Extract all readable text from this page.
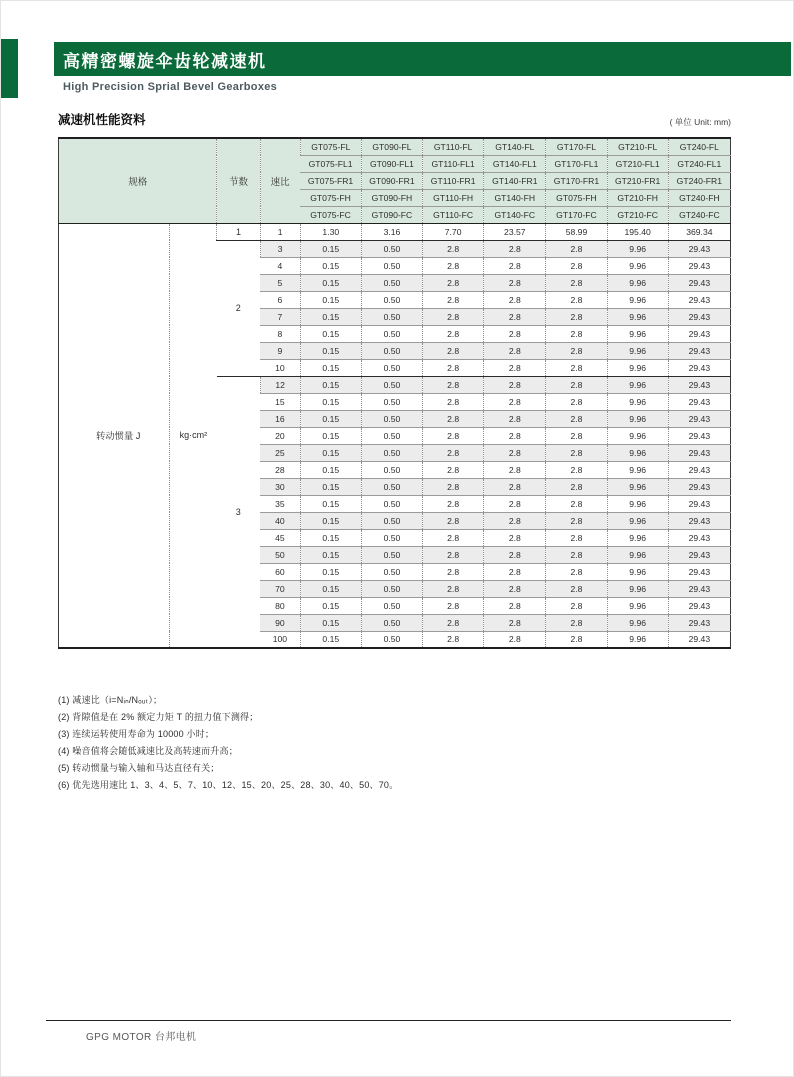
高精密螺旋伞齿轮减速机
High Precision Sprial Bevel Gearboxes
减速机性能资料	( 单位 Unit: mm)
规格		节数	速比	GT075-FL	GT090-FL	GT110-FL	GT140-FL	GT170-FL	GT210-FL	GT240-FL
				GT075-FL1	GT090-FL1	GT110-FL1	GT140-FL1	GT170-FL1	GT210-FL1	GT240-FL1
				GT075-FR1	GT090-FR1	GT110-FR1	GT140-FR1	GT170-FR1	GT210-FR1	GT240-FR1
				GT075-FH	GT090-FH	GT110-FH	GT140-FH	GT075-FH	GT210-FH	GT240-FH
				GT075-FC	GT090-FC	GT110-FC	GT140-FC	GT170-FC	GT210-FC	GT240-FC
转动惯量 J	kg·cm²	1	1	1.30	3.16	7.70	23.57	58.99	195.40	369.34
		2	3	0.15	0.50	2.8	2.8	2.8	9.96	29.43
			4	0.15	0.50	2.8	2.8	2.8	9.96	29.43
			5	0.15	0.50	2.8	2.8	2.8	9.96	29.43
			6	0.15	0.50	2.8	2.8	2.8	9.96	29.43
			7	0.15	0.50	2.8	2.8	2.8	9.96	29.43
			8	0.15	0.50	2.8	2.8	2.8	9.96	29.43
			9	0.15	0.50	2.8	2.8	2.8	9.96	29.43
			10	0.15	0.50	2.8	2.8	2.8	9.96	29.43
		3	12	0.15	0.50	2.8	2.8	2.8	9.96	29.43
			15	0.15	0.50	2.8	2.8	2.8	9.96	29.43
			16	0.15	0.50	2.8	2.8	2.8	9.96	29.43
			20	0.15	0.50	2.8	2.8	2.8	9.96	29.43
			25	0.15	0.50	2.8	2.8	2.8	9.96	29.43
			28	0.15	0.50	2.8	2.8	2.8	9.96	29.43
			30	0.15	0.50	2.8	2.8	2.8	9.96	29.43
			35	0.15	0.50	2.8	2.8	2.8	9.96	29.43
			40	0.15	0.50	2.8	2.8	2.8	9.96	29.43
			45	0.15	0.50	2.8	2.8	2.8	9.96	29.43
			50	0.15	0.50	2.8	2.8	2.8	9.96	29.43
			60	0.15	0.50	2.8	2.8	2.8	9.96	29.43
			70	0.15	0.50	2.8	2.8	2.8	9.96	29.43
			80	0.15	0.50	2.8	2.8	2.8	9.96	29.43
			90	0.15	0.50	2.8	2.8	2.8	9.96	29.43
			100	0.15	0.50	2.8	2.8	2.8	9.96	29.43
(1) 减速比（i=Nᵢₙ/Nₒᵤₜ）；
(2) 背隙值是在 2% 额定力矩 T 的扭力值下测得；
(3) 连续运转使用寿命为 10000 小时；
(4) 噪音值将会随低减速比及高转速而升高；
(5) 转动惯量与输入轴和马达直径有关；
(6) 优先选用速比 1、3、4、5、7、10、12、15、20、25、28、30、40、50、70。
GPG MOTOR 台邦电机
